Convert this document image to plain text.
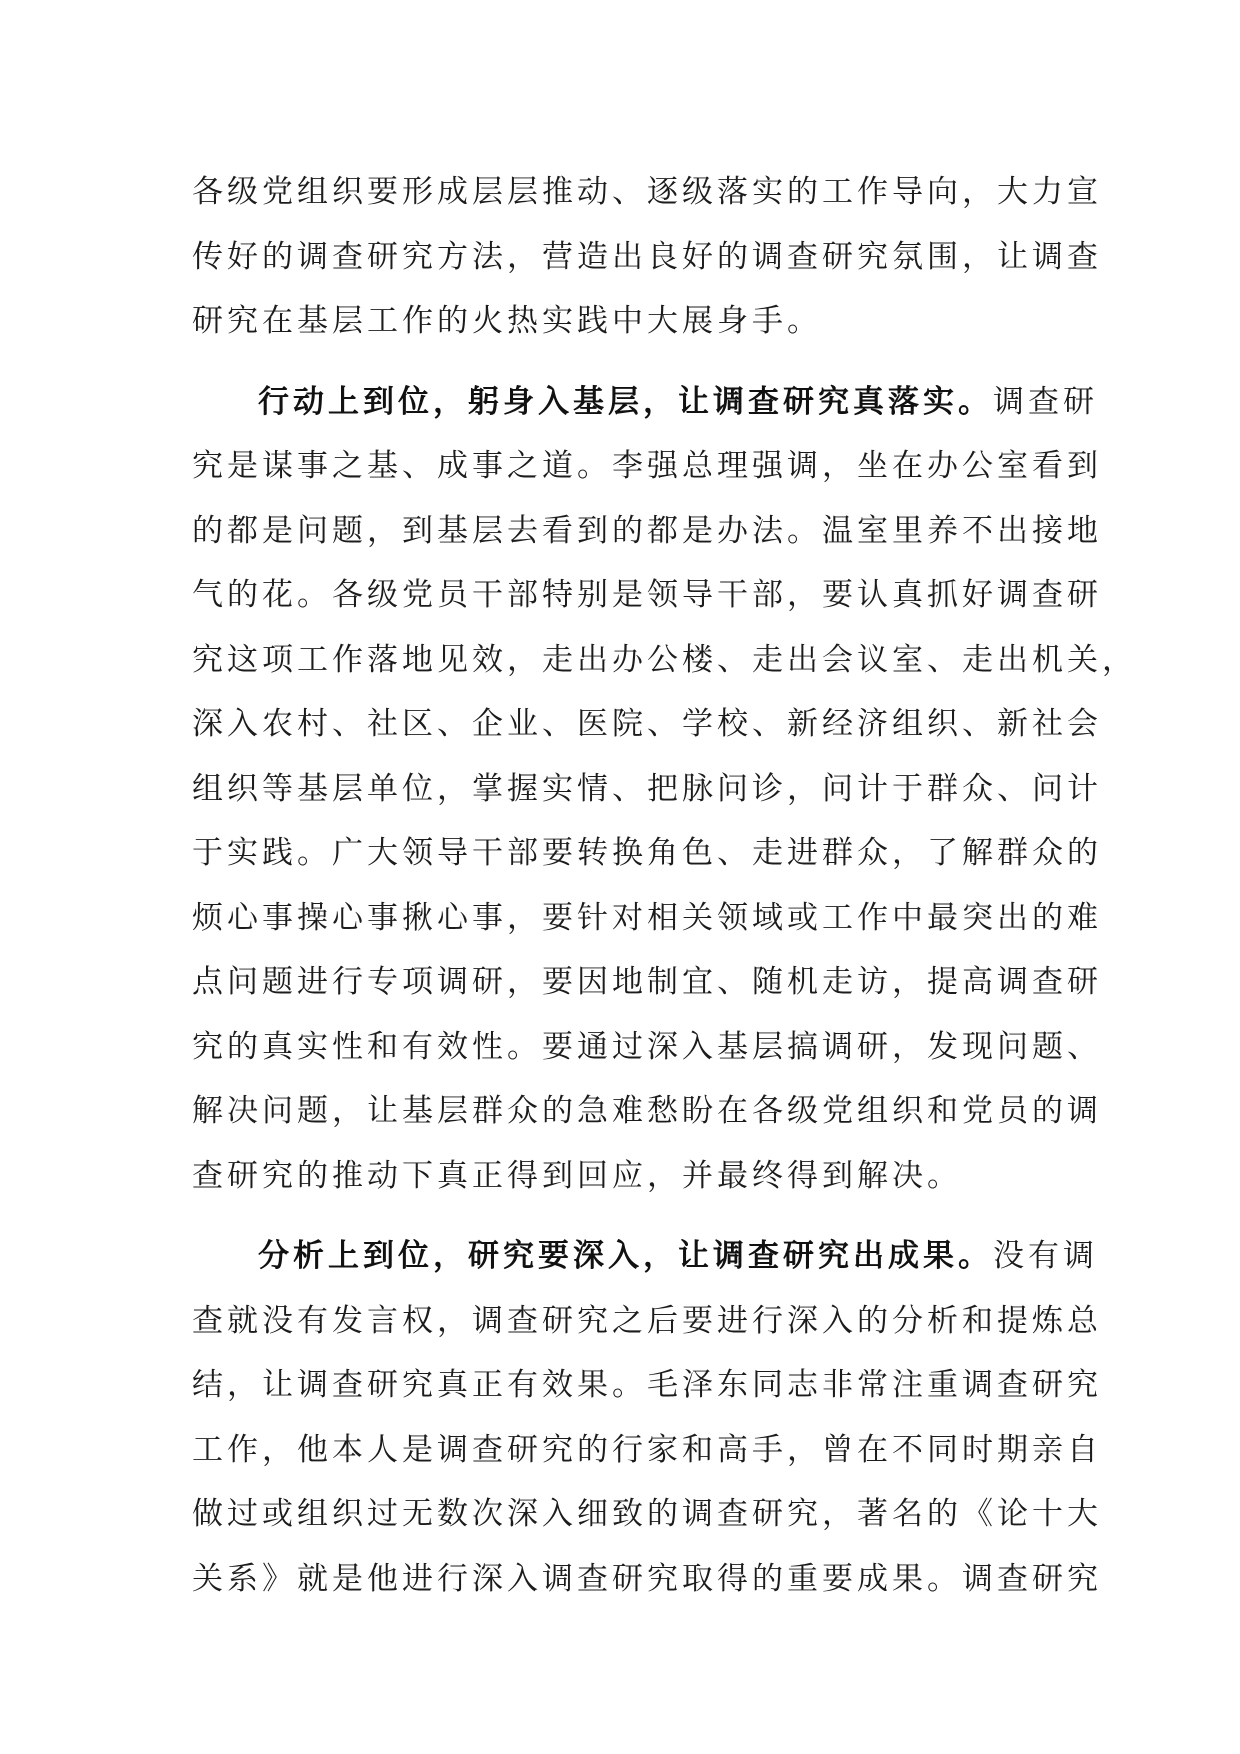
各级党组织要形成层层推动、逐级落实的工作导向，大力宣
传好的调查研究方法，营造出良好的调查研究氛围，让调查
研究在基层工作的火热实践中大展身手。

行动上到位，躬身入基层，让调查研究真落实。调查研
究是谋事之基、成事之道。李强总理强调，坐在办公室看到
的都是问题，到基层去看到的都是办法。温室里养不出接地
气的花。各级党员干部特别是领导干部，要认真抓好调查研
究这项工作落地见效，走出办公楼、走出会议室、走出机关，
深入农村、社区、企业、医院、学校、新经济组织、新社会
组织等基层单位，掌握实情、把脉问诊，问计于群众、问计
于实践。广大领导干部要转换角色、走进群众，了解群众的
烦心事操心事揪心事，要针对相关领域或工作中最突出的难
点问题进行专项调研，要因地制宜、随机走访，提高调查研
究的真实性和有效性。要通过深入基层搞调研，发现问题、
解决问题，让基层群众的急难愁盼在各级党组织和党员的调
查研究的推动下真正得到回应，并最终得到解决。

分析上到位，研究要深入，让调查研究出成果。没有调
查就没有发言权，调查研究之后要进行深入的分析和提炼总
结，让调查研究真正有效果。毛泽东同志非常注重调查研究
工作，他本人是调查研究的行家和高手，曾在不同时期亲自
做过或组织过无数次深入细致的调查研究，著名的《论十大
关系》就是他进行深入调查研究取得的重要成果。调查研究
